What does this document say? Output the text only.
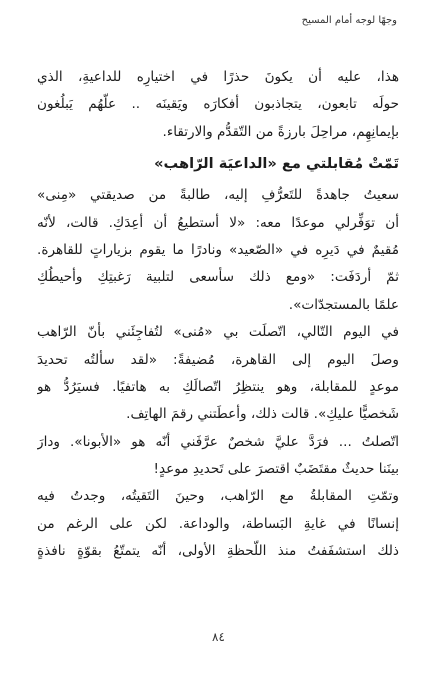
وجهًا لوجه أمام المسيح
هذا، عليه أن يكونَ حذرًا في اختيارِه للداعيةِ، الذي
حولَه تابعون، يتجاذبون أفكارَه ويَقينَه .. علّهُم يَبلُغون
بإيمانِهِم، مراحِلَ بارزةً من التّقدُّم والارتقاء.
تَمّتْ مُقابلتي مع «الداعيَة الرّاهب»
سعيتُ جاهدةً للتَعرُّفِ إليه، طالبةً من صديقتي «مِنى»
أن توَفِّرلي موعدًا معه: «لا أستطيعُ أن أعِدَكِ. قالت، لأنّه
مُقيمٌ في دَيرِه في «الصّعيد» ونادرًا ما يقوم بزياراتٍ للقاهرة.
ثمّ أردَفَت: «ومع ذلك سأسعى لتلبية رَغبتِكِ وأحيطُكِ
علمًا بالمستجدّات».
في اليوم التّالي، اتّصلَت بي «مُنى» لتُفاجِئَني بأنّ الرّاهب
وصلَ اليوم إلى القاهرة، مُضيفةً: «لقد سألتُه تحديدَ
موعدٍ للمقابلة، وهو ينتظِرُ اتّصالَكِ به هاتفيًا. فسيَرُدُّ هو
شَخصيًّا عليكِ». قالت ذلك، وأعطَتني رقمَ الهاتِف.
اتّصلتُ ... فرَدَّ عليَّ شخصٌ عرَّفَني أنّه هو «الأبونا». ودارَ
بينَنا حديثٌ مقتَضَبٌ اقتصرَ على تَحديدِ موعدٍ!
وتمّتِ المقابلةُ مع الرّاهب، وحينَ التَقيتُه، وجدتُ فيه
إنسانًا في غايةِ البَساطة، والوداعة. لكن على الرغم من
ذلك استشفَفتُ منذ اللّحظةِ الأولى، أنّه يتمتّعُ بقوّةٍ نافذةٍ
٨٤
